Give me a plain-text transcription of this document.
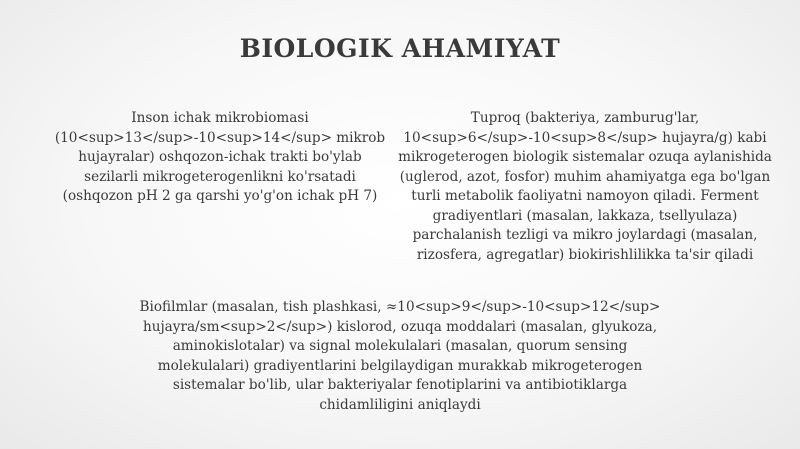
BIOLOGIK AHAMIYAT
Inson ichak mikrobiomasi (10<sup>13</sup>-10<sup>14</sup> mikrob hujayralar) oshqozon-ichak trakti bo'ylab sezilarli mikrogeterogenlikni ko'rsatadi (oshqozon pH 2 ga qarshi yo'g'on ichak pH 7)
Tuproq (bakteriya, zamburug'lar, 10<sup>6</sup>-10<sup>8</sup> hujayra/g) kabi mikrogeterogen biologik sistemalar ozuqa aylanishida (uglerod, azot, fosfor) muhim ahamiyatga ega bo'lgan turli metabolik faoliyatni namoyon qiladi. Ferment gradiyentlari (masalan, lakkaza, tsellyulaza) parchalanish tezligi va mikro joylardagi (masalan, rizosfera, agregatlar) biokirishlilikka ta'sir qiladi
Biofilmlar (masalan, tish plashkasi, ≈10<sup>9</sup>-10<sup>12</sup> hujayra/sm<sup>2</sup>) kislorod, ozuqa moddalari (masalan, glyukoza, aminokislotalar) va signal molekulalari (masalan, quorum sensing molekulalari) gradiyentlarini belgilaydigan murakkab mikrogeterogen sistemalar bo'lib, ular bakteriyalar fenotiplarini va antibiotiklarga chidamliligini aniqlaydi
